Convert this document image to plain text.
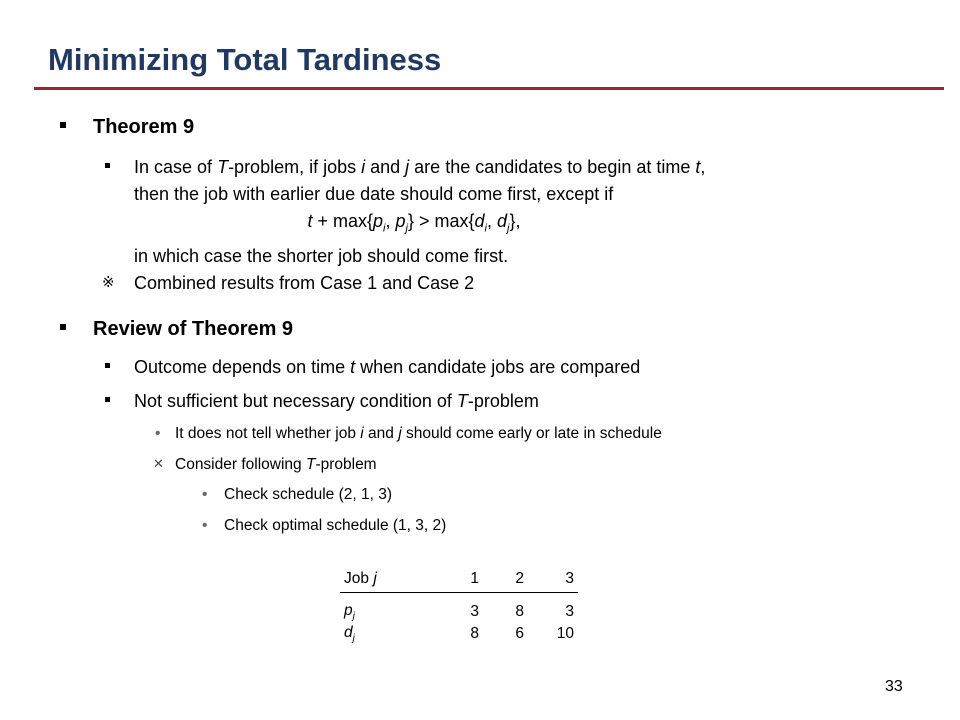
Minimizing Total Tardiness
Theorem 9
In case of T-problem, if jobs i and j are the candidates to begin at time t,
then the job with earlier due date should come first, except if
$t + \max\{p_i$, $p_j\} > \max\{d_i$, $d_j$},
in which case the shorter job should come first.
※ Combined results from Case 1 and Case 2
Review of Theorem 9
Outcome depends on time t when candidate jobs are compared
Not sufficient but necessary condition of T-problem
• It does not tell whether job i and j should come early or late in schedule
✕ Consider following T-problem
• Check schedule (2, 1, 3)
• Check optimal schedule (1, 3, 2)
Job j	1	2	3
$p_j$	3	8	3
$d_j$	8	6	10
33
